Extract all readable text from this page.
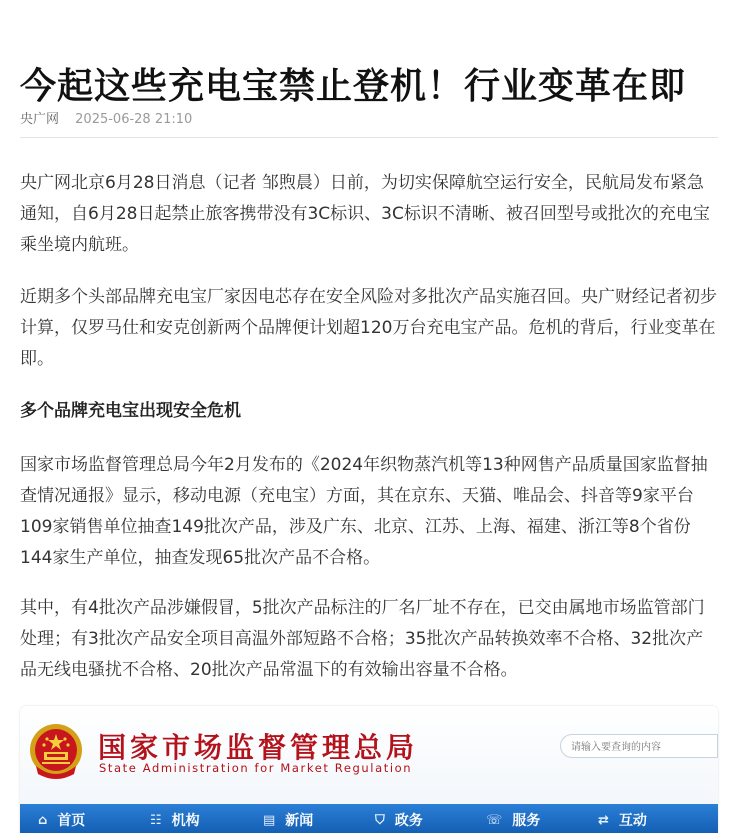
今起这些充电宝禁止登机！行业变革在即
央广网 2025-06-28 21:10

央广网北京6月28日消息（记者 邹煦晨）日前，为切实保障航空运行安全，民航局发布紧急通知，自6月28日起禁止旅客携带没有3C标识、3C标识不清晰、被召回型号或批次的充电宝乘坐境内航班。

近期多个头部品牌充电宝厂家因电芯存在安全风险对多批次产品实施召回。央广财经记者初步计算，仅罗马仕和安克创新两个品牌便计划超120万台充电宝产品。危机的背后，行业变革在即。

多个品牌充电宝出现安全危机

国家市场监督管理总局今年2月发布的《2024年织物蒸汽机等13种网售产品质量国家监督抽查情况通报》显示，移动电源（充电宝）方面，其在京东、天猫、唯品会、抖音等9家平台109家销售单位抽查149批次产品，涉及广东、北京、江苏、上海、福建、浙江等8个省份144家生产单位，抽查发现65批次产品不合格。

其中，有4批次产品涉嫌假冒，5批次产品标注的厂名厂址不存在，已交由属地市场监管部门处理；有3批次产品安全项目高温外部短路不合格；35批次产品转换效率不合格、32批次产品无线电骚扰不合格、20批次产品常温下的有效输出容量不合格。

国家市场监督管理总局
State Administration for Market Regulation
请输入要查询的内容
⌂ 首页	☷ 机构	▤ 新闻	⛉ 政务	☏ 服务	⇄ 互动
